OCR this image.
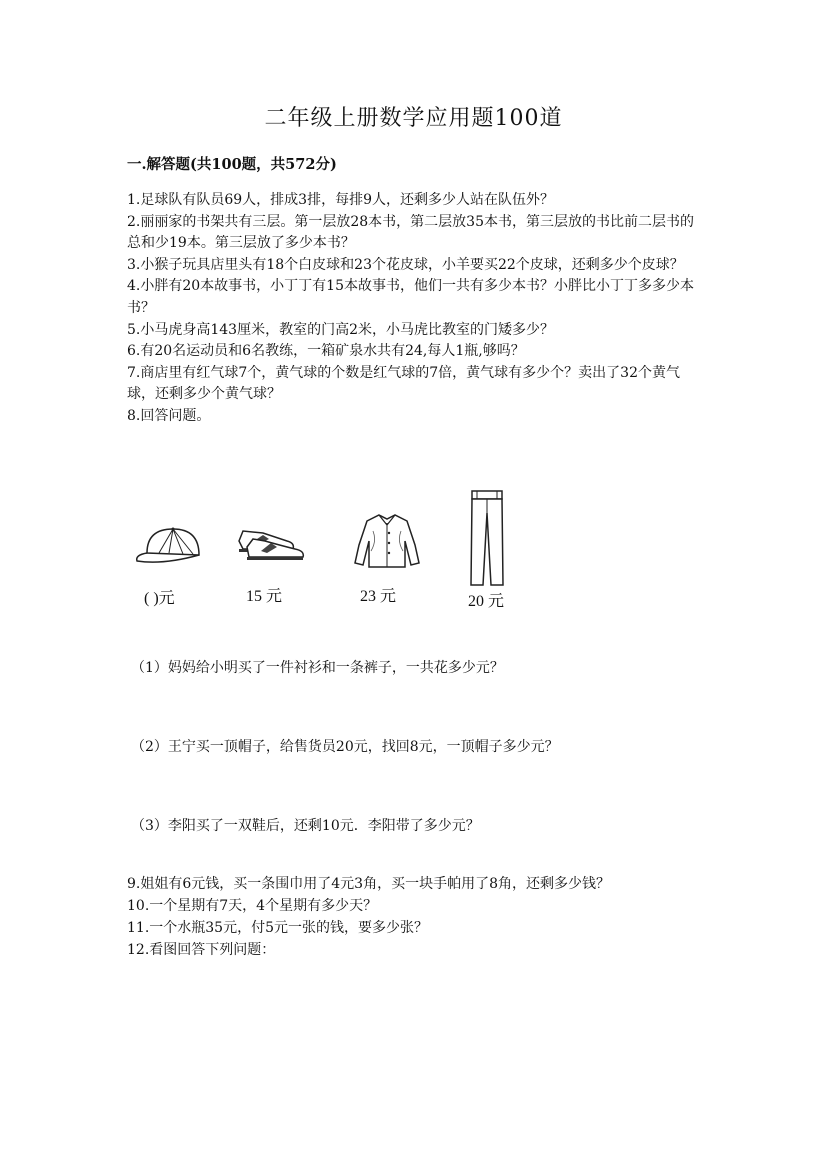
二年级上册数学应用题100道
一.解答题(共100题，共572分)

1.足球队有队员69人，排成3排，每排9人，还剩多少人站在队伍外？

2.丽丽家的书架共有三层。第一层放28本书，第二层放35本书，第三层放的书比前二层书的总和少19本。第三层放了多少本书？

3.小猴子玩具店里头有18个白皮球和23个花皮球，小羊要买22个皮球，还剩多少个皮球？

4.小胖有20本故事书，小丁丁有15本故事书，他们一共有多少本书？小胖比小丁丁多多少本书？

5.小马虎身高143厘米，教室的门高2米，小马虎比教室的门矮多少？

6.有20名运动员和6名教练，一箱矿泉水共有24,每人1瓶,够吗？

7.商店里有红气球7个，黄气球的个数是红气球的7倍，黄气球有多少个？卖出了32个黄气球，还剩多少个黄气球？

8.回答问题。

( )元	15 元	23 元	20 元
（1）妈妈给小明买了一件衬衫和一条裤子，一共花多少元？
（2）王宁买一顶帽子，给售货员20元，找回8元，一顶帽子多少元？
（3）李阳买了一双鞋后，还剩10元．李阳带了多少元？

9.姐姐有6元钱，买一条围巾用了4元3角，买一块手帕用了8角，还剩多少钱？

10.一个星期有7天，4个星期有多少天？

11.一个水瓶35元，付5元一张的钱，要多少张？

12.看图回答下列问题：
